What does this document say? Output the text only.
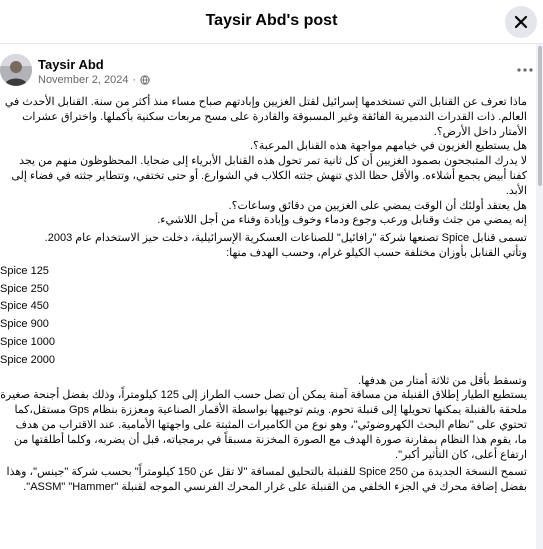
Taysir Abd's post
Taysir Abd
November 2, 2024 ·

ماذا تعرف عن القنابل التي تستخدمها إسرائيل لقتل الغزيين وإبادتهم صباح مساء منذ أكثر من سنة. القنابل الأحدث في العالم. ذات القدرات التدميرية الفائقة وغير المسبوقة والقادرة على مسح مربعات سكنية بأكملها. واختراق عشرات الأمتار داخل الأرض؟.

هل يستطيع الغزيون في خيامهم مواجهة هذه القنابل المرعبة؟.

لا يدرك المتبجحون بصمود الغزيين أن كل ثانية تمر تحول هذه القنابل الأبرياء إلى ضحايا. المحظوظون منهم من يجد كفنا أبيض يجمع أشلاءه. والأقل حظا الذي تنهش جثته الكلاب في الشوارع. أو حتى تختفي، وتتطاير جثته في فضاء إلى الأبد.

هل يعتقد أولئك أن الوقت يمضي على الغزيين من دقائق وساعات؟.

إنه يمضي من جثث وقنابل ورعب وجوع ودماء وخوف وإبادة وفناء من أجل اللاشيء.

تسمى قنابل Spice تصنعها شركة "رافائيل" للصناعات العسكرية الإسرائيلية، دخلت حيز الاستخدام عام 2003.

وتأتي القنابل بأوزان مختلفة حسب الكيلو غرام، وحسب الهدف منها:

Spice 125

Spice 250

Spice 450

Spice 900

Spice 1000

Spice 2000

وتسقط بأقل من ثلاثة أمتار من هدفها.

يستطيع الطيار إطلاق القنبلة من مسافة آمنة يمكن أن تصل حسب الطراز إلى 125 كيلومتراً، وذلك بفضل أجنحة صغيرة ملحقة بالقنبلة يمكنها تحويلها إلى قنبلة تحوم. ويتم توجيهها بواسطة الأقمار الصناعية ومعززة بنظام Gps مستقل،كما تحتوي على "نظام البحث الكهروضوئي"، وهو نوع من الكاميرات المثبتة على واجهتها الأمامية. عند الاقتراب من هدف ما، يقوم هذا النظام بمقارنة صورة الهدف مع الصورة المخزنة مسبقاً في برمجياته، قبل أن يضربه، وكلما أطلقتها من ارتفاع أعلى، كان التأثير أكبر".

تسمح النسخة الجديدة من Spice 250 للقنبلة بالتحليق لمسافة "لا تقل عن 150 كيلومتراً" بحسب شركة "جينس"، وهذا بفضل إضافة محرك في الجزء الخلفي من القنبلة على غرار المحرك الفرنسي الموجه لقنبلة "ASSM" "Hammer".
